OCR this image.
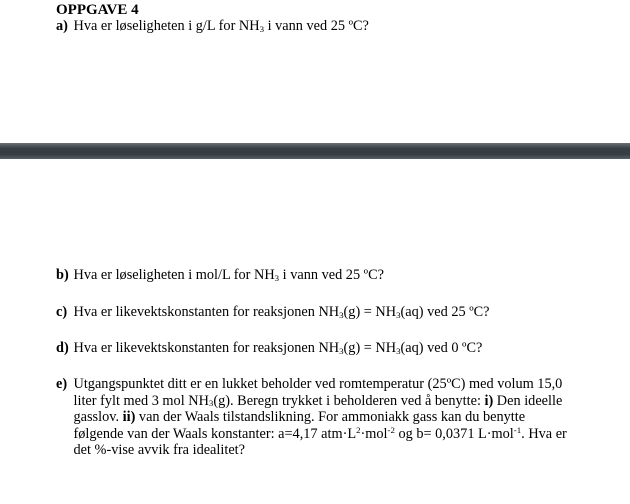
OPPGAVE 4
a) Hva er løseligheten i g/L for $NH_3$ i vann ved 25 ºC?
b) Hva er løseligheten i mol/L for $NH_3$ i vann ved 25 ºC?
c) Hva er likevektskonstanten for reaksjonen $NH_3(g) = NH_3(aq)$ ved 25 ºC?
d) Hva er likevektskonstanten for reaksjonen $NH_3(g) = NH_3(aq)$ ved 0 ºC?
e) Utgangspunktet ditt er en lukket beholder ved romtemperatur (25ºC) med volum 15,0
liter fylt med 3 mol $NH_3(g)$. Beregn trykket i beholderen ved å benytte: i) Den ideelle
gasslov. ii) van der Waals tilstandslikning. For ammoniakk gass kan du benytte
følgende van der Waals konstanter: a=4,17 $atm\cdot L^2\cdot mol^{-2}$ og b= 0,0371 L·mol$^{-1}$. Hva er
det %-vise avvik fra idealitet?
